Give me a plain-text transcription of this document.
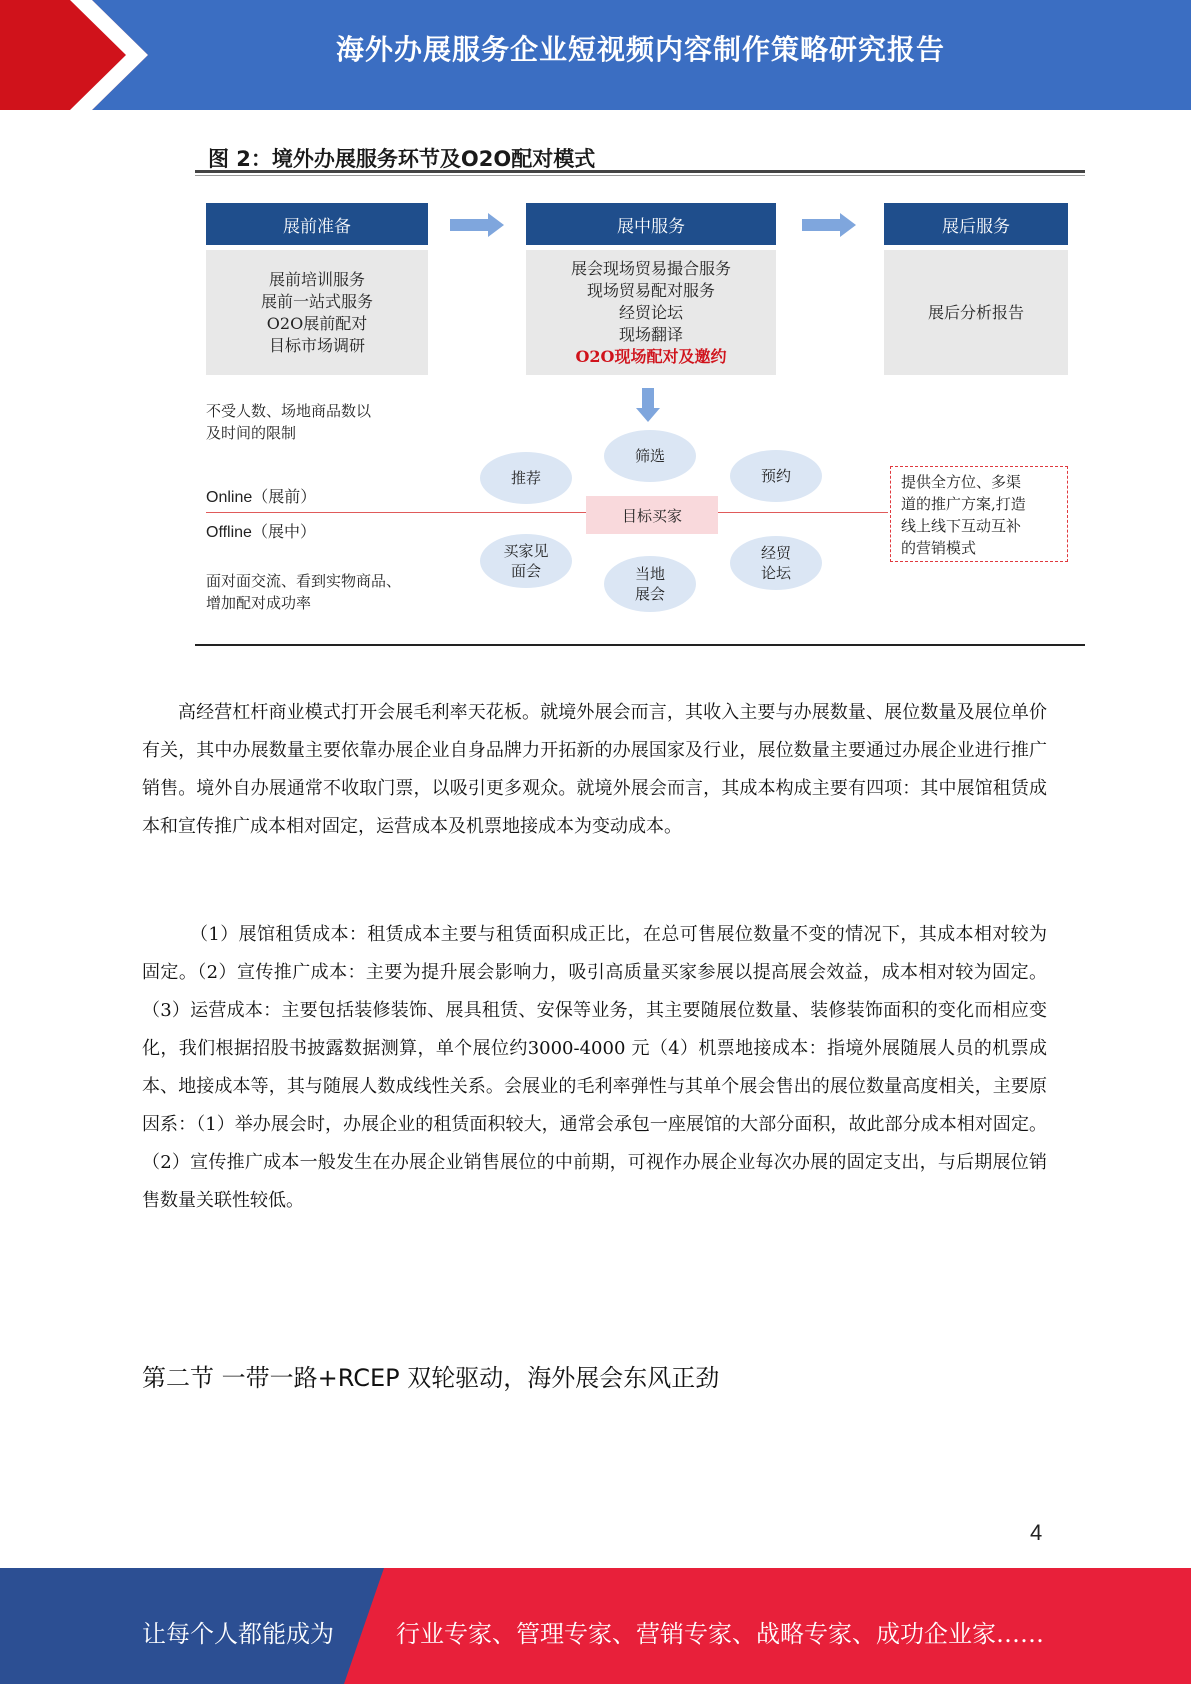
海外办展服务企业短视频内容制作策略研究报告
图 2：境外办展服务环节及O2O配对模式
展前准备	展中服务	展后服务
展前培训服务
展前一站式服务
O2O展前配对
目标市场调研
展会现场贸易撮合服务
现场贸易配对服务
经贸论坛
现场翻译
O2O现场配对及邀约
展后分析报告
不受人数、场地商品数以
及时间的限制
Online（展前）
Offline（展中）
面对面交流、看到实物商品、
增加配对成功率
目标买家
筛选
推荐	预约
买家见
面会	当地
展会
经贸
论坛
提供全方位、多渠
道的推广方案,打造
线上线下互动互补
的营销模式
高经营杠杆商业模式打开会展毛利率天花板。就境外展会而言，其收入主要与办展数量、展位数量及展位单价有关，其中办展数量主要依靠办展企业自身品牌力开拓新的办展国家及行业，展位数量主要通过办展企业进行推广销售。境外自办展通常不收取门票，以吸引更多观众。就境外展会而言，其成本构成主要有四项：其中展馆租赁成本和宣传推广成本相对固定，运营成本及机票地接成本为变动成本。
（1）展馆租赁成本：租赁成本主要与租赁面积成正比，在总可售展位数量不变的情况下，其成本相对较为固定。（2）宣传推广成本：主要为提升展会影响力，吸引高质量买家参展以提高展会效益，成本相对较为固定。（3）运营成本：主要包括装修装饰、展具租赁、安保等业务，其主要随展位数量、装修装饰面积的变化而相应变化，我们根据招股书披露数据测算，单个展位约3000-4000 元（4）机票地接成本：指境外展随展人员的机票成本、地接成本等，其与随展人数成线性关系。会展业的毛利率弹性与其单个展会售出的展位数量高度相关，主要原因系：（1）举办展会时，办展企业的租赁面积较大，通常会承包一座展馆的大部分面积，故此部分成本相对固定。（2）宣传推广成本一般发生在办展企业销售展位的中前期，可视作办展企业每次办展的固定支出，与后期展位销售数量关联性较低。
第二节 一带一路+RCEP 双轮驱动，海外展会东风正劲
4
让每个人都能成为	行业专家、管理专家、营销专家、战略专家、成功企业家……
